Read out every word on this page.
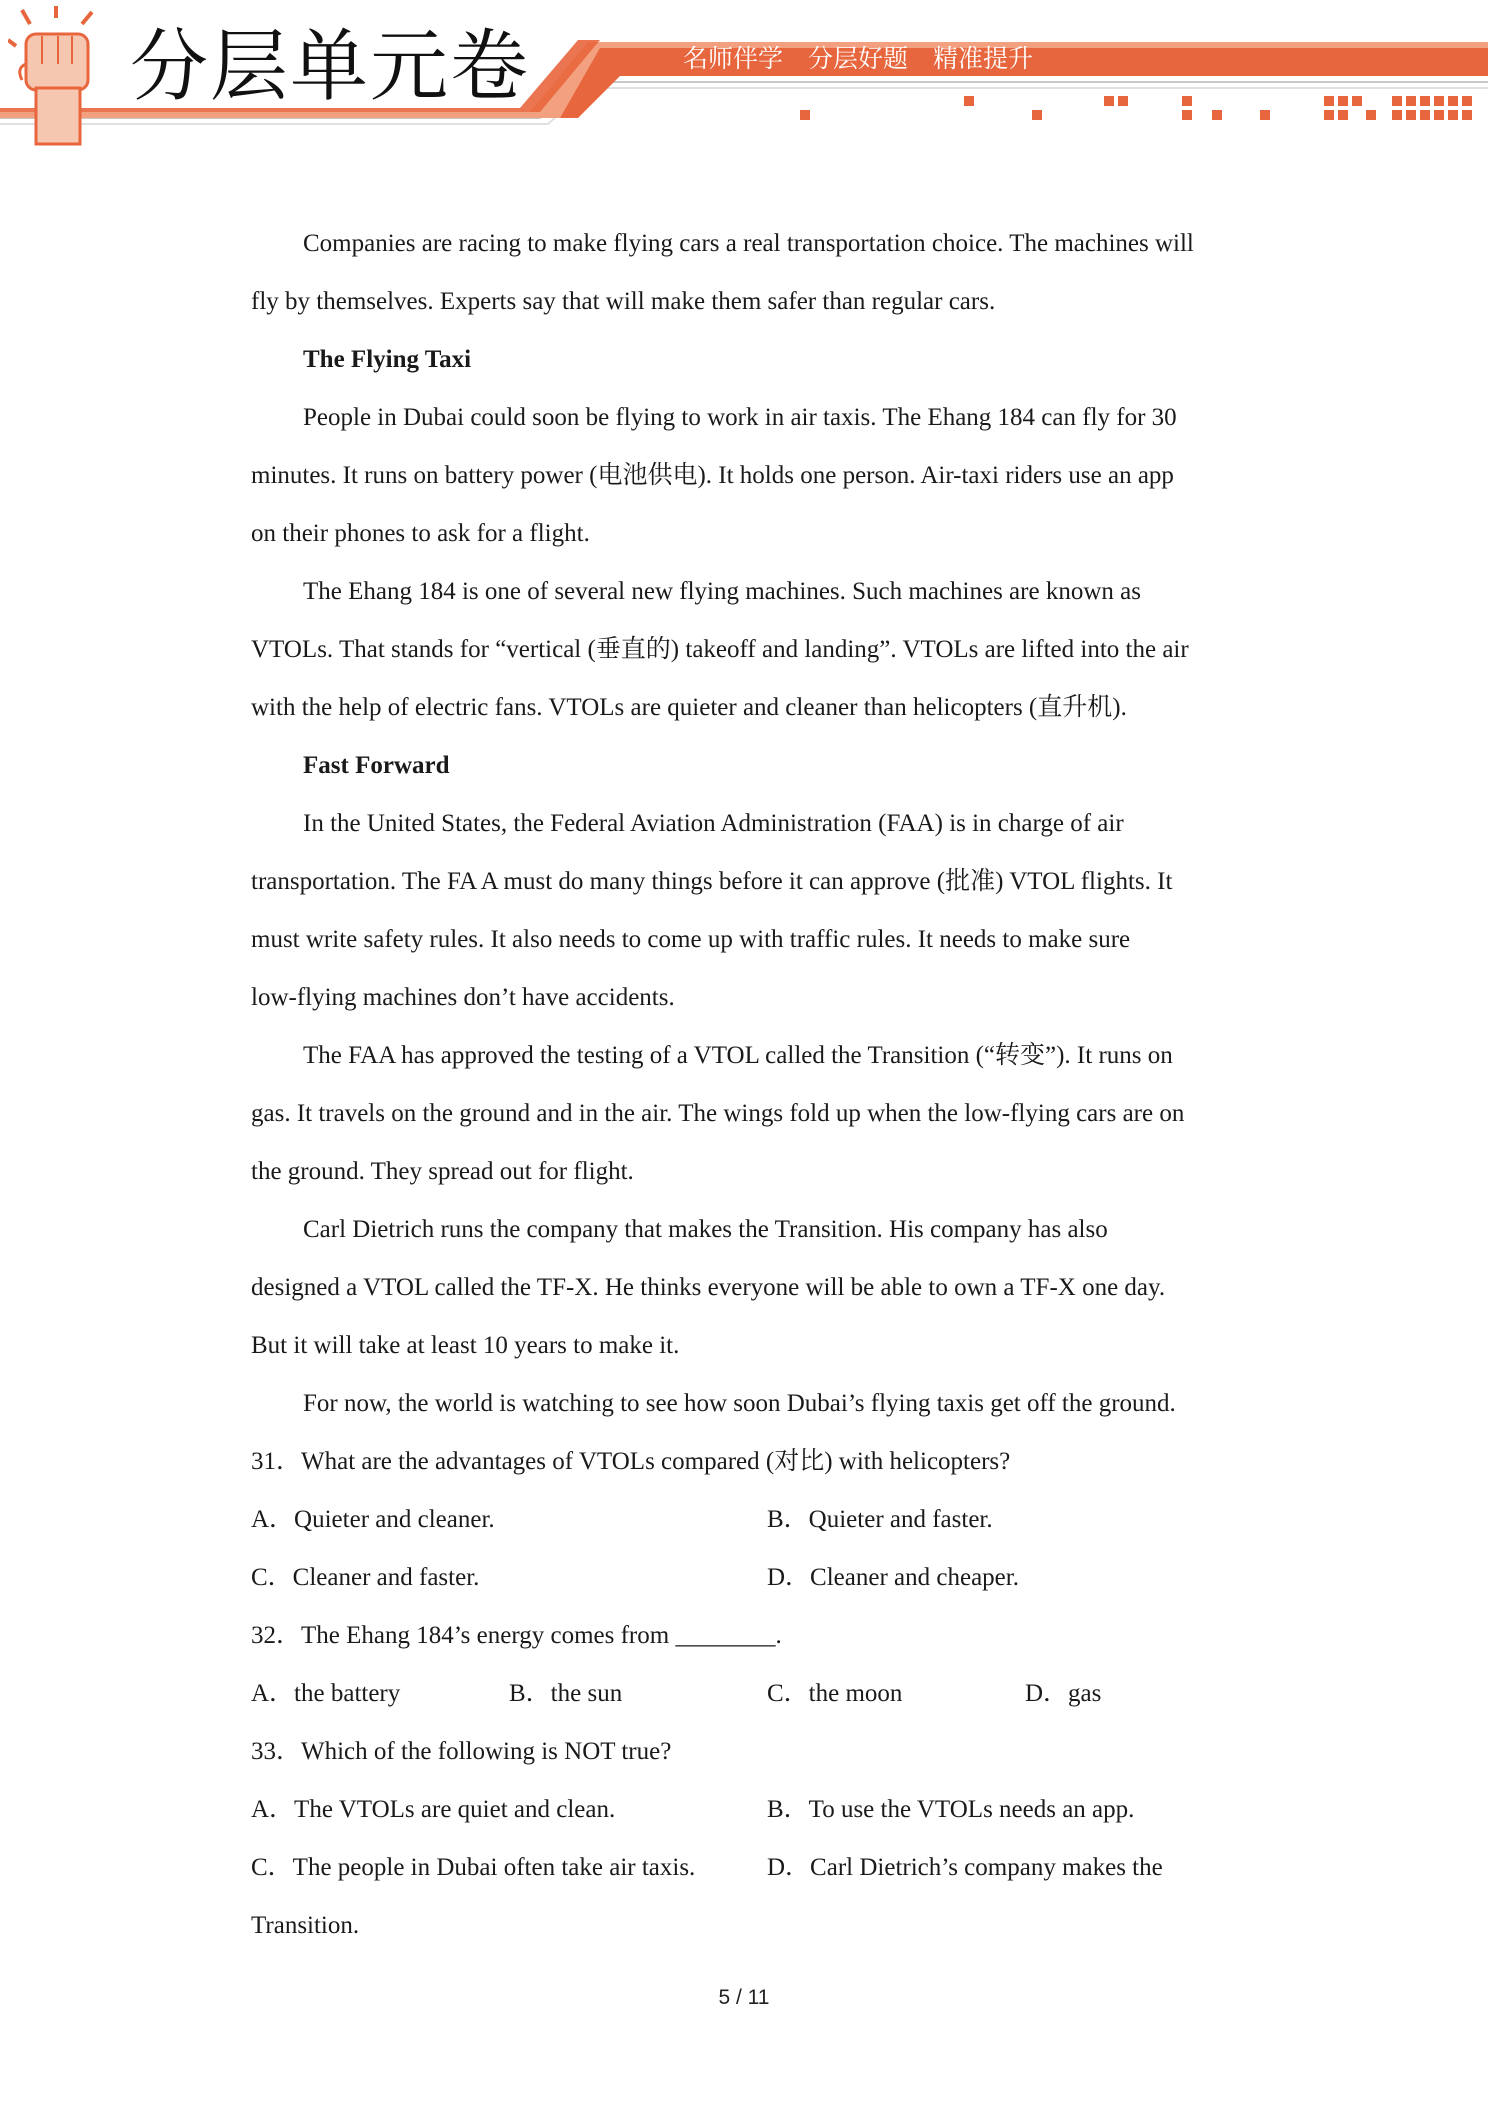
分层单元卷	名师伴学 分层好题 精准提升
Companies are racing to make flying cars a real transportation choice. The machines will
fly by themselves. Experts say that will make them safer than regular cars.
The Flying Taxi
People in Dubai could soon be flying to work in air taxis. The Ehang 184 can fly for 30
minutes. It runs on battery power (电池供电). It holds one person. Air-taxi riders use an app
on their phones to ask for a flight.
The Ehang 184 is one of several new flying machines. Such machines are known as
VTOLs. That stands for “vertical (垂直的) takeoff and landing”. VTOLs are lifted into the air
with the help of electric fans. VTOLs are quieter and cleaner than helicopters (直升机).
Fast Forward
In the United States, the Federal Aviation Administration (FAA) is in charge of air
transportation. The FA A must do many things before it can approve (批准) VTOL flights. It
must write safety rules. It also needs to come up with traffic rules. It needs to make sure
low-flying machines don’t have accidents.
The FAA has approved the testing of a VTOL called the Transition (“转变”). It runs on
gas. It travels on the ground and in the air. The wings fold up when the low-flying cars are on
the ground. They spread out for flight.
Carl Dietrich runs the company that makes the Transition. His company has also
designed a VTOL called the TF-X. He thinks everyone will be able to own a TF-X one day.
But it will take at least 10 years to make it.
For now, the world is watching to see how soon Dubai’s flying taxis get off the ground.
31．What are the advantages of VTOLs compared (对比) with helicopters?
A．Quieter and cleaner.	B．Quieter and faster.
C．Cleaner and faster.	D．Cleaner and cheaper.
32．The Ehang 184’s energy comes from ________.
A．the battery	B．the sun	C．the moon	D．gas
33．Which of the following is NOT true?
A．The VTOLs are quiet and clean.	B．To use the VTOLs needs an app.
C．The people in Dubai often take air taxis.	D．Carl Dietrich’s company makes the
Transition.
5 / 11
